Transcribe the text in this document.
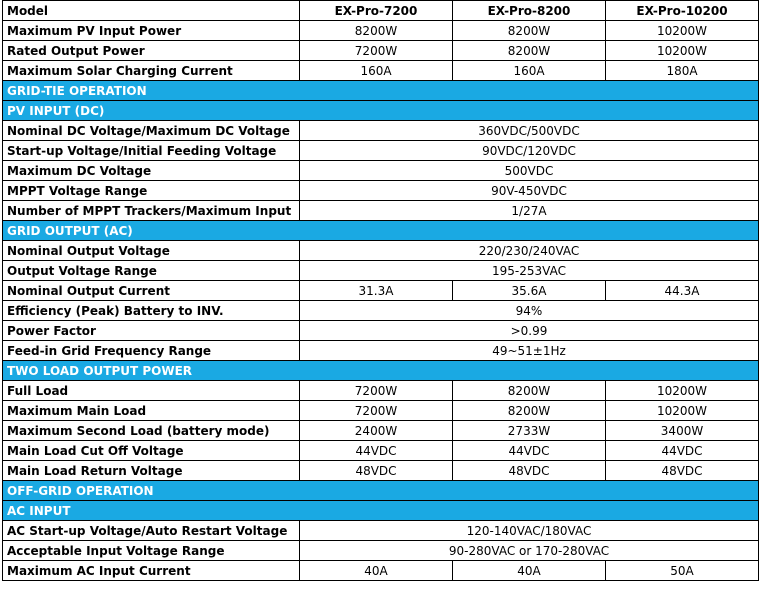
Model	EX-Pro-7200	EX-Pro-8200	EX-Pro-10200
Maximum PV Input Power	8200W	8200W	10200W
Rated Output Power	7200W	8200W	10200W
Maximum Solar Charging Current	160A	160A	180A
GRID-TIE OPERATION			
PV INPUT (DC)			
Nominal DC Voltage/Maximum DC Voltage	360VDC/500VDC		
Start-up Voltage/Initial Feeding Voltage	90VDC/120VDC		
Maximum DC Voltage	500VDC		
MPPT Voltage Range	90V-450VDC		
Number of MPPT Trackers/Maximum Input	1/27A		
GRID OUTPUT (AC)			
Nominal Output Voltage	220/230/240VAC		
Output Voltage Range	195-253VAC		
Nominal Output Current	31.3A	35.6A	44.3A
Efficiency (Peak) Battery to INV.	94%		
Power Factor	>0.99		
Feed-in Grid Frequency Range	49~51±1Hz		
TWO LOAD OUTPUT POWER			
Full Load	7200W	8200W	10200W
Maximum Main Load	7200W	8200W	10200W
Maximum Second Load (battery mode)	2400W	2733W	3400W
Main Load Cut Off Voltage	44VDC	44VDC	44VDC
Main Load Return Voltage	48VDC	48VDC	48VDC
OFF-GRID OPERATION			
AC INPUT			
AC Start-up Voltage/Auto Restart Voltage	120-140VAC/180VAC		
Acceptable Input Voltage Range	90-280VAC or 170-280VAC		
Maximum AC Input Current	40A	40A	50A
